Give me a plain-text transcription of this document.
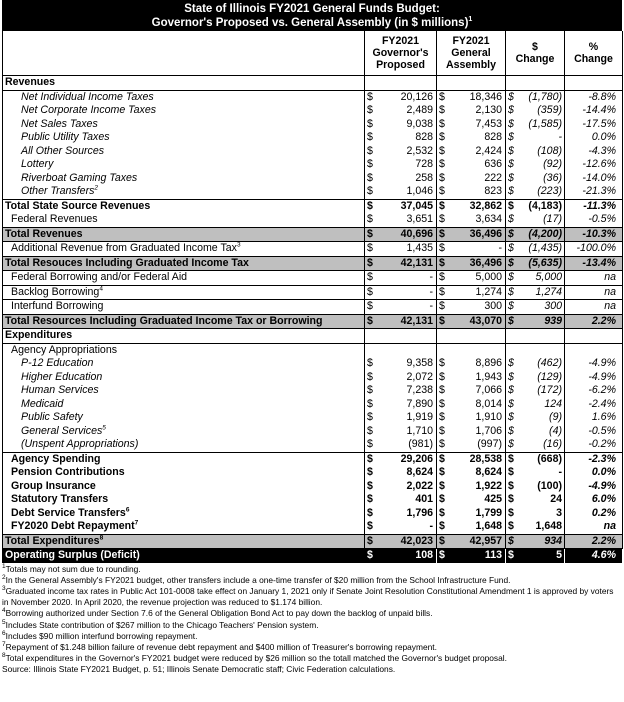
State of Illinois FY2021 General Funds Budget:
Governor's Proposed vs. General Assembly (in $ millions)$^1$

	FY2021 Governor's Proposed		FY2021 General Assembly		$ Change		% Change

Revenues							
Net Individual Income Taxes	$	20,126	$	18,346	$	(1,780)	-8.8%
Net Corporate Income Taxes	$	2,489	$	2,130	$	(359)	-14.4%
Net Sales Taxes	$	9,038	$	7,453	$	(1,585)	-17.5%
Public Utility Taxes	$	828	$	828	$	-	0.0%
All Other Sources	$	2,532	$	2,424	$	(108)	-4.3%
Lottery	$	728	$	636	$	(92)	-12.6%
Riverboat Gaming Taxes	$	258	$	222	$	(36)	-14.0%
Other Transfers$^2$	$	1,046	$	823	$	(223)	-21.3%
Total State Source Revenues	$	37,045	$	32,862	$	(4,183)	-11.3%
Federal Revenues	$	3,651	$	3,634	$	(17)	-0.5%
Total Revenues	$	40,696	$	36,496	$	(4,200)	-10.3%
Additional Revenue from Graduated Income Tax$^3$	$	1,435	$	-	$	(1,435)	-100.0%
Total Resouces Including Graduated Income Tax	$	42,131	$	36,496	$	(5,635)	-13.4%
Federal Borrowing and/or Federal Aid	$	-	$	5,000	$	5,000	na
Backlog Borrowing$^4$	$	-	$	1,274	$	1,274	na
Interfund Borrowing	$	-	$	300	$	300	na
Total Resources Including Graduated Income Tax or Borrowing	$	42,131	$	43,070	$	939	2.2%
Expenditures							
Agency Appropriations							
P-12 Education	$	9,358	$	8,896	$	(462)	-4.9%
Higher Education	$	2,072	$	1,943	$	(129)	-4.9%
Human Services	$	7,238	$	7,066	$	(172)	-6.2%
Medicaid	$	7,890	$	8,014	$	124	-2.4%
Public Safety	$	1,919	$	1,910	$	(9)	1.6%
General Services$^5$	$	1,710	$	1,706	$	(4)	-0.5%
(Unspent Appropriations)	$	(981)	$	(997)	$	(16)	-0.2%
Agency Spending	$	29,206	$	28,538	$	(668)	-2.3%
Pension Contributions	$	8,624	$	8,624	$	-	0.0%
Group Insurance	$	2,022	$	1,922	$	(100)	-4.9%
Statutory Transfers	$	401	$	425	$	24	6.0%
Debt Service Transfers$^6$	$	1,796	$	1,799	$	3	0.2%
FY2020 Debt Repayment$^7$	$	-	$	1,648	$	1,648	na
Total Expenditures$^8$	$	42,023	$	42,957	$	934	2.2%
Operating Surplus (Deficit)	$	108	$	113	$	5	4.6%
$^1$Totals may not sum due to rounding.
$^2$In the General Assembly's FY2021 budget, other transfers include a one-time transfer of $20 million from the School Infrastructure Fund.
$^3$Graduated income tax rates in Public Act 101-0008 take effect on January 1, 2021 only if Senate Joint Resolution Constitutional Amendment 1 is approved by voters in November 2020. In April 2020, the revenue projection was reduced to $1.174 billion.
$^4$Borrowing authorized under Section 7.6 of the General Obligation Bond Act to pay down the backlog of unpaid bills.
$^5$Includes State contribution of $267 million to the Chicago Teachers' Pension system.
$^6$Includes $90 million interfund borrowing repayment.
$^7$Repayment of $1.248 billion failure of revenue debt repayment and $400 million of Treasurer's borrowing repayment.
$^8$Total expenditures in the Governor's FY2021 budget were reduced by $26 million so the totall matched the Governor's budget proposal.
Source: Illinois State FY2021 Budget, p. 51; Illinois Senate Democratic staff; Civic Federation calculations.
